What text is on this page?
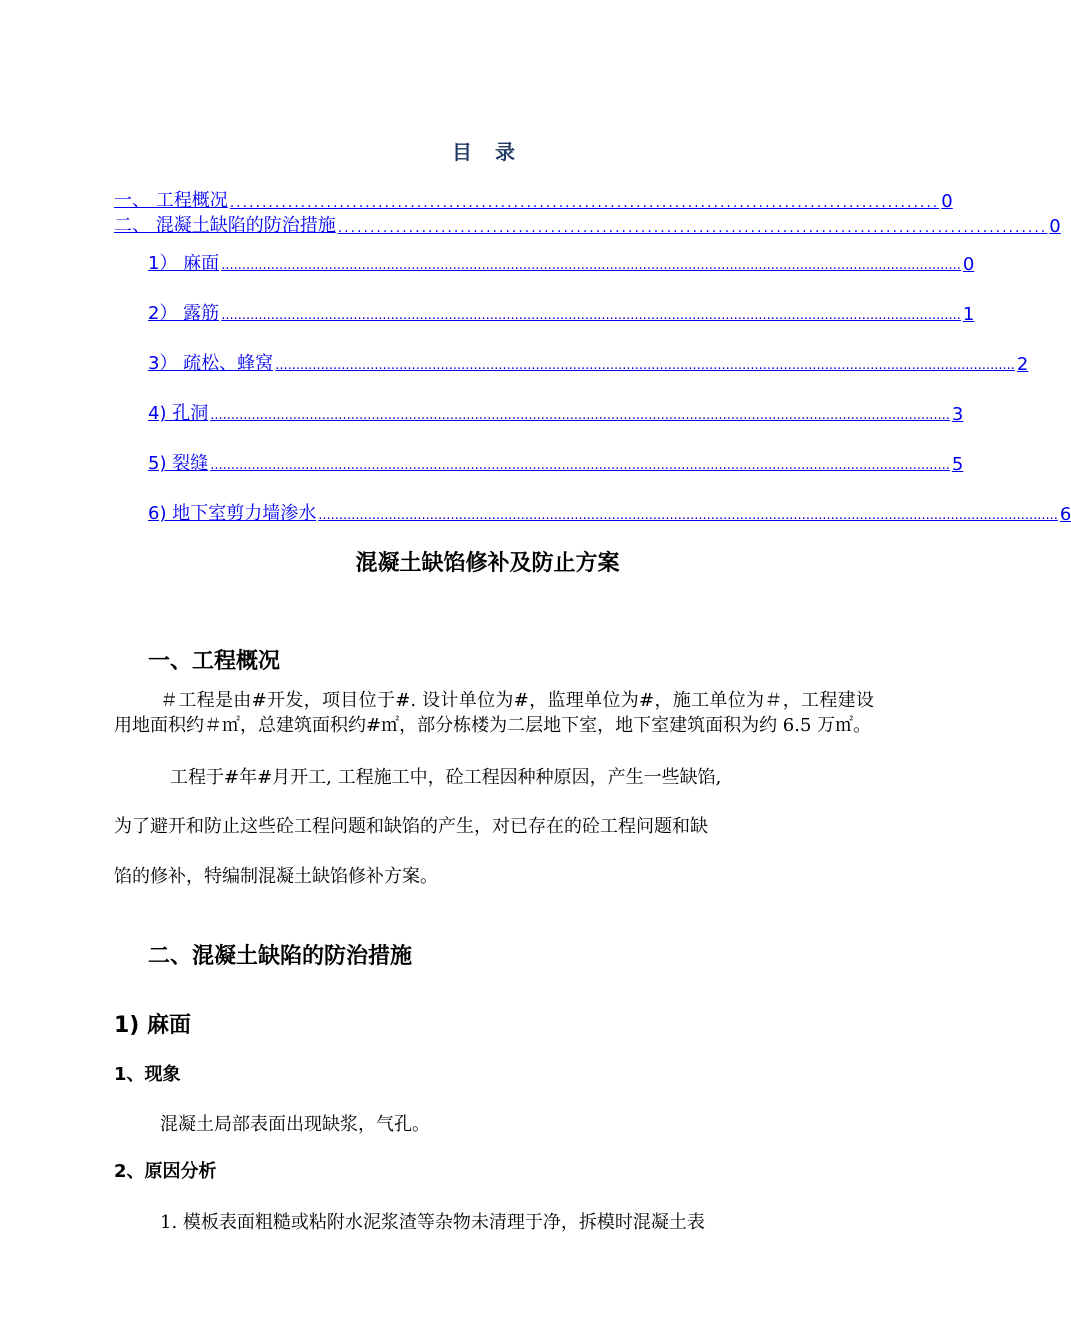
目 录
一、 工程概况 .............................................................................................................. 0
二、 混凝土缺陷的防治措施 .............................................................................................................. 0
1） 麻面 ................................................................................................................................................................................... 0
2） 露筋 ................................................................................................................................................................................... 1
3） 疏松、蜂窝 ................................................................................................................................................................................... 2
4) 孔洞 ................................................................................................................................................................................... 3
5) 裂缝 ................................................................................................................................................................................... 5
6) 地下室剪力墙渗水 ................................................................................................................................................................................... 6
混凝土缺馅修补及防止方案
一、工程概况
＃工程是由#开发，项目位于#. 设计单位为#，监理单位为#，施工单位为＃，工程建设用地面积约＃㎡，总建筑面积约#㎡，部分栋楼为二层地下室，地下室建筑面积为约 6.5 万㎡。
工程于#年#月开工, 工程施工中，砼工程因种种原因，产生一些缺馅,
为了避开和防止这些砼工程问题和缺馅的产生，对已存在的砼工程问题和缺
馅的修补，特编制混凝土缺馅修补方案。
二、混凝土缺陷的防治措施
1) 麻面
1、现象
混凝土局部表面出现缺浆，气孔。
2、原因分析
1. 模板表面粗糙或粘附水泥浆渣等杂物未清理于净，拆模时混凝土表
